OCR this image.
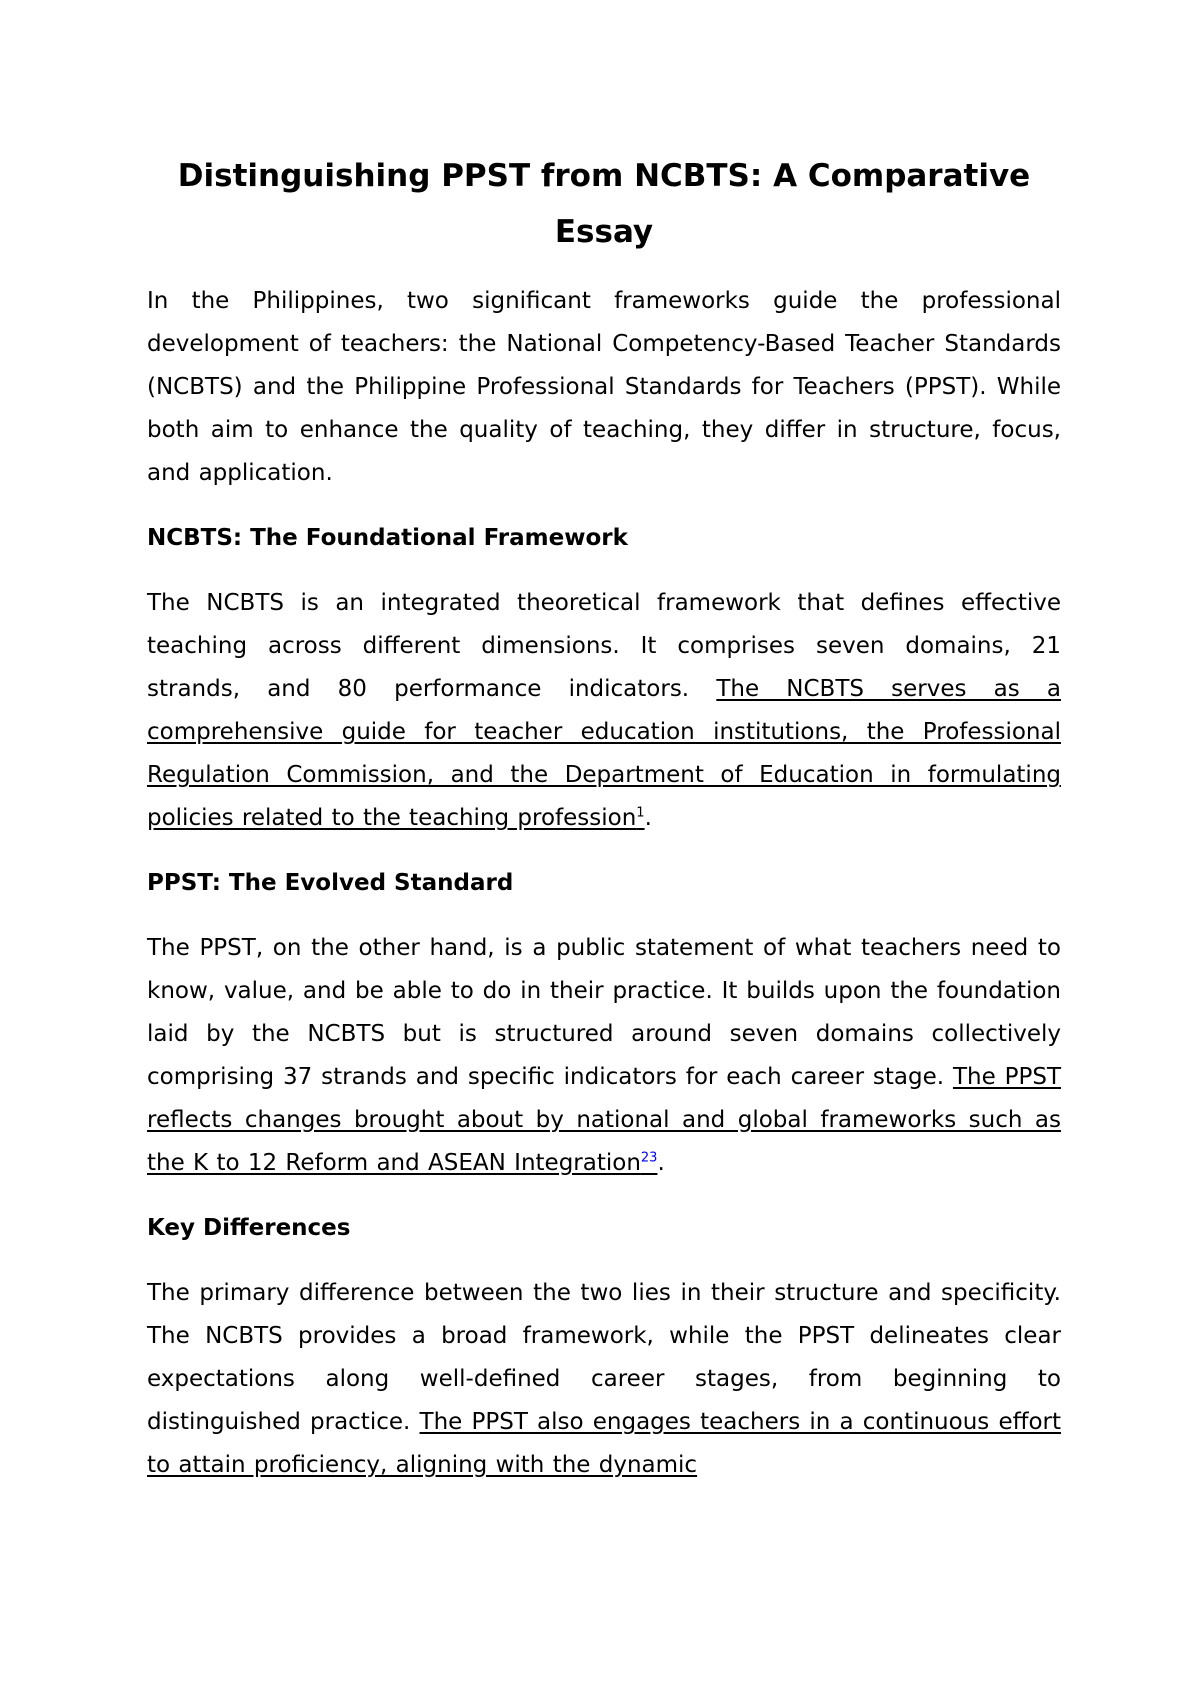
Distinguishing PPST from NCBTS: A Comparative Essay

In the Philippines, two significant frameworks guide the professional development of teachers: the National Competency-Based Teacher Standards (NCBTS) and the Philippine Professional Standards for Teachers (PPST). While both aim to enhance the quality of teaching, they differ in structure, focus, and application.

NCBTS: The Foundational Framework

The NCBTS is an integrated theoretical framework that defines effective teaching across different dimensions. It comprises seven domains, 21 strands, and 80 performance indicators. The NCBTS serves as a comprehensive guide for teacher education institutions, the Professional Regulation Commission, and the Department of Education in formulating policies related to the teaching profession$^1$.

PPST: The Evolved Standard

The PPST, on the other hand, is a public statement of what teachers need to know, value, and be able to do in their practice. It builds upon the foundation laid by the NCBTS but is structured around seven domains collectively comprising 37 strands and specific indicators for each career stage. The PPST reflects changes brought about by national and global frameworks such as the K to 12 Reform and ASEAN Integration$^{23}$.

Key Differences

The primary difference between the two lies in their structure and specificity. The NCBTS provides a broad framework, while the PPST delineates clear expectations along well-defined career stages, from beginning to distinguished practice. The PPST also engages teachers in a continuous effort to attain proficiency, aligning with the dynamic
